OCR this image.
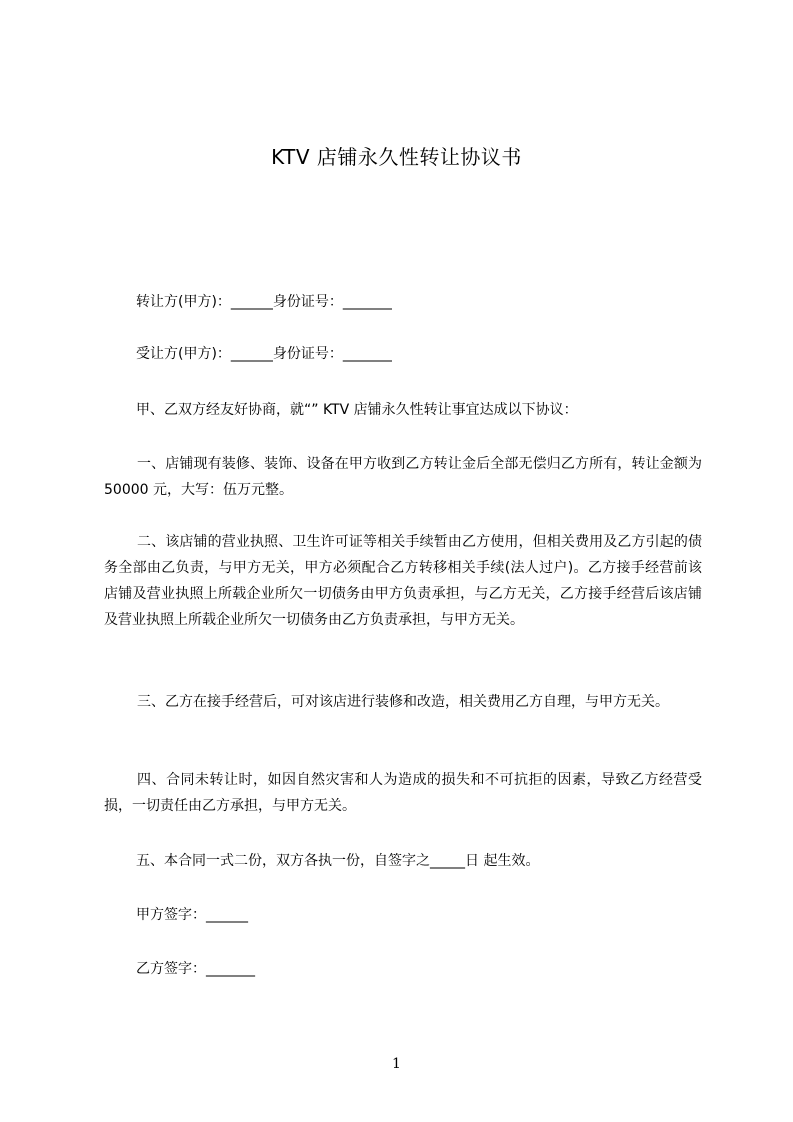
KTV 店铺永久性转让协议书
转让方(甲方)：______身份证号：_______
受让方(甲方)：______身份证号：_______
甲、乙双方经友好协商，就“” KTV 店铺永久性转让事宜达成以下协议：
一、店铺现有装修、装饰、设备在甲方收到乙方转让金后全部无偿归乙方所有，转让金额为 50000 元，大写：伍万元整。
二、该店铺的营业执照、卫生许可证等相关手续暂由乙方使用，但相关费用及乙方引起的债务全部由乙负责，与甲方无关，甲方必须配合乙方转移相关手续(法人过户)。乙方接手经营前该店铺及营业执照上所载企业所欠一切债务由甲方负责承担，与乙方无关，乙方接手经营后该店铺及营业执照上所载企业所欠一切债务由乙方负责承担，与甲方无关。
三、乙方在接手经营后，可对该店进行装修和改造，相关费用乙方自理，与甲方无关。
四、合同未转让时，如因自然灾害和人为造成的损失和不可抗拒的因素，导致乙方经营受损，一切责任由乙方承担，与甲方无关。
五、本合同一式二份，双方各执一份，自签字之_____日 起生效。
甲方签字：______
乙方签字：_______
1
